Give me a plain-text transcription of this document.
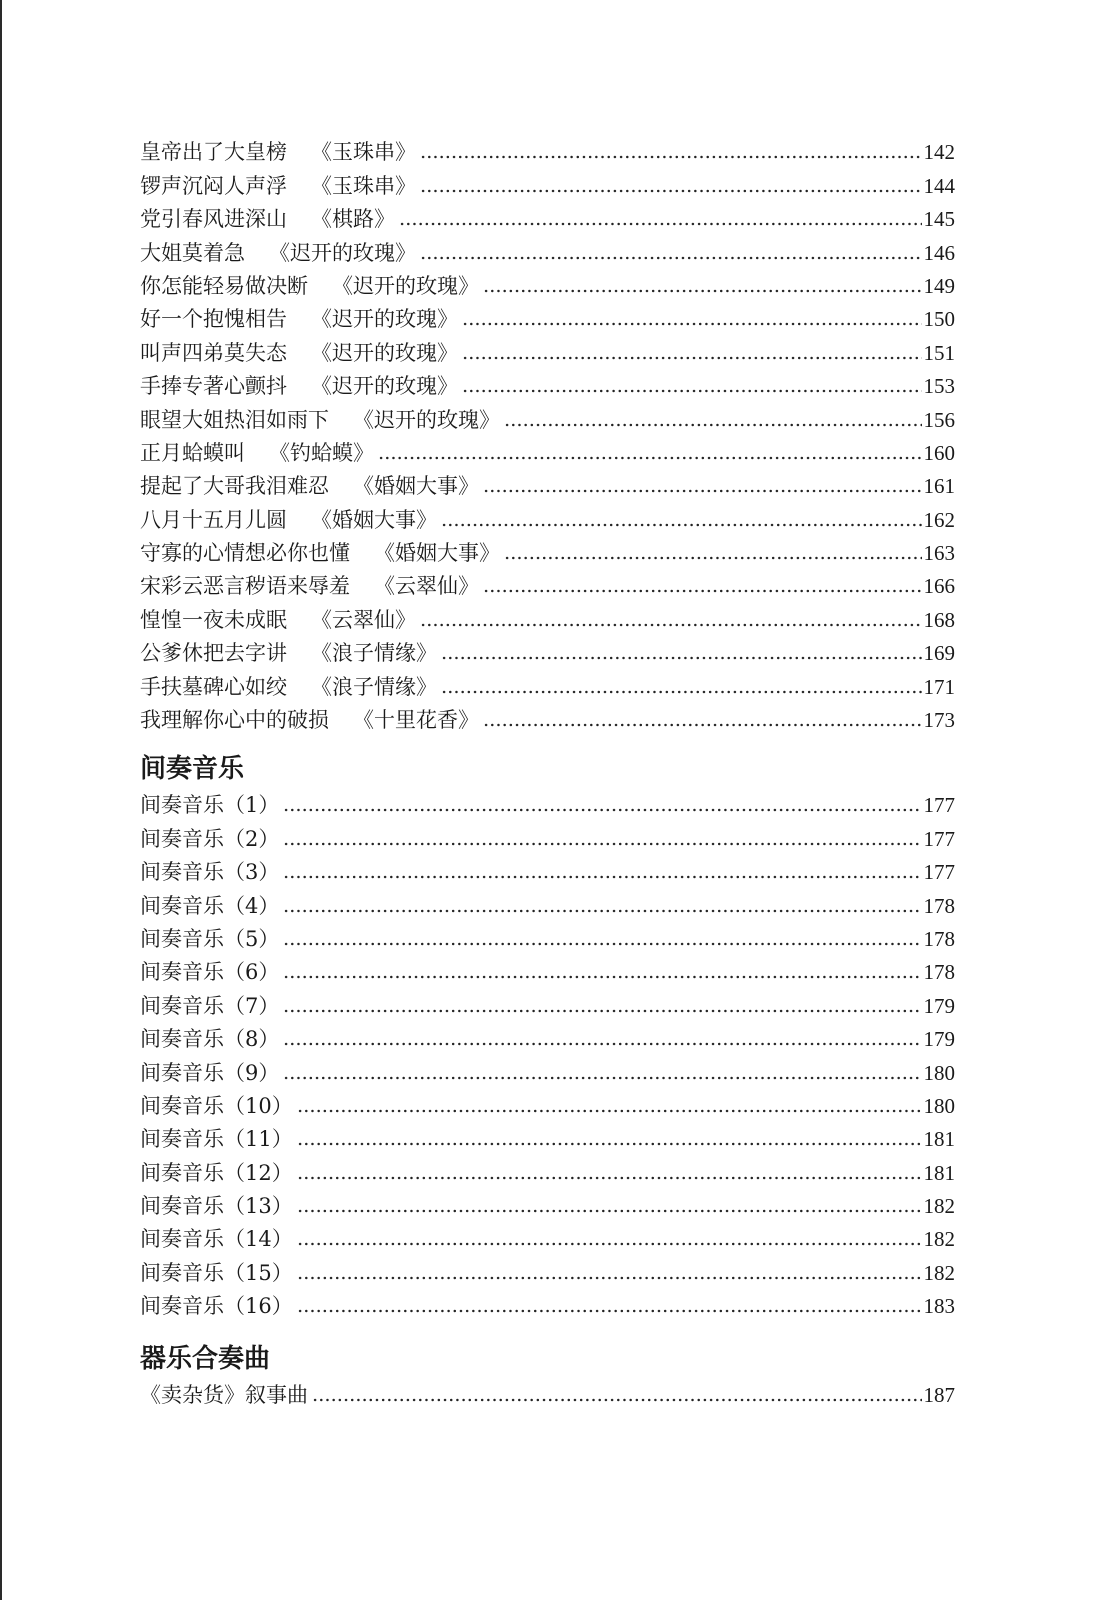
皇帝出了大皇榜 《玉珠串》	142
锣声沉闷人声浮 《玉珠串》	144
党引春风进深山 《棋路》	145
大姐莫着急 《迟开的玫瑰》	146
你怎能轻易做决断 《迟开的玫瑰》	149
好一个抱愧相告 《迟开的玫瑰》	150
叫声四弟莫失态 《迟开的玫瑰》	151
手捧专著心颤抖 《迟开的玫瑰》	153
眼望大姐热泪如雨下 《迟开的玫瑰》	156
正月蛤蟆叫 《钓蛤蟆》	160
提起了大哥我泪难忍 《婚姻大事》	161
八月十五月儿圆 《婚姻大事》	162
守寡的心情想必你也懂 《婚姻大事》	163
宋彩云恶言秽语来辱羞 《云翠仙》	166
惶惶一夜未成眠 《云翠仙》	168
公爹休把去字讲 《浪子情缘》	169
手扶墓碑心如绞 《浪子情缘》	171
我理解你心中的破损 《十里花香》	173
间奏音乐
间奏音乐（1）	177
间奏音乐（2）	177
间奏音乐（3）	177
间奏音乐（4）	178
间奏音乐（5）	178
间奏音乐（6）	178
间奏音乐（7）	179
间奏音乐（8）	179
间奏音乐（9）	180
间奏音乐（10）	180
间奏音乐（11）	181
间奏音乐（12）	181
间奏音乐（13）	182
间奏音乐（14）	182
间奏音乐（15）	182
间奏音乐（16）	183
器乐合奏曲
《卖杂货》叙事曲	187
